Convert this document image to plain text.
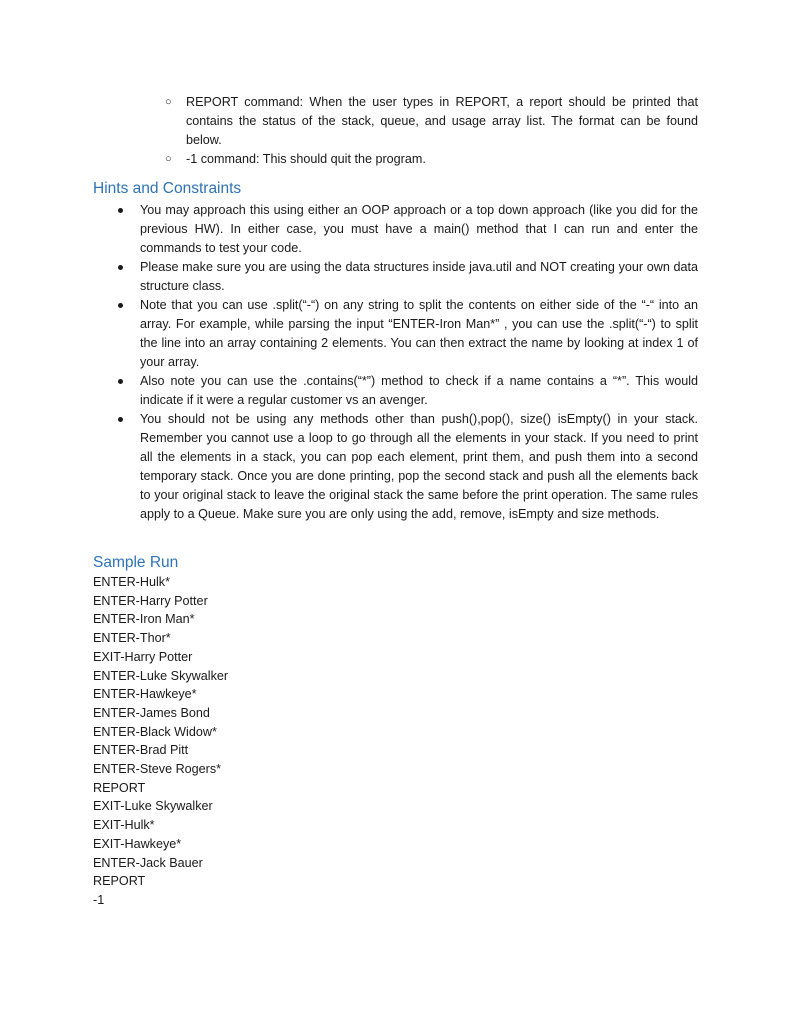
○ REPORT command: When the user types in REPORT, a report should be printed that contains the status of the stack, queue, and usage array list. The format can be found below.
○ -1 command: This should quit the program.
Hints and Constraints
You may approach this using either an OOP approach or a top down approach (like you did for the previous HW). In either case, you must have a main() method that I can run and enter the commands to test your code.
Please make sure you are using the data structures inside java.util and NOT creating your own data structure class.
Note that you can use .split(“-“) on any string to split the contents on either side of the “-“ into an array. For example, while parsing the input “ENTER-Iron Man*” , you can use the .split(“-“) to split the line into an array containing 2 elements. You can then extract the name by looking at index 1 of your array.
Also note you can use the .contains(“*”) method to check if a name contains a “*”. This would indicate if it were a regular customer vs an avenger.
You should not be using any methods other than push(),pop(), size() isEmpty() in your stack. Remember you cannot use a loop to go through all the elements in your stack. If you need to print all the elements in a stack, you can pop each element, print them, and push them into a second temporary stack. Once you are done printing, pop the second stack and push all the elements back to your original stack to leave the original stack the same before the print operation. The same rules apply to a Queue. Make sure you are only using the add, remove, isEmpty and size methods.
Sample Run
ENTER-Hulk*
ENTER-Harry Potter
ENTER-Iron Man*
ENTER-Thor*
EXIT-Harry Potter
ENTER-Luke Skywalker
ENTER-Hawkeye*
ENTER-James Bond
ENTER-Black Widow*
ENTER-Brad Pitt
ENTER-Steve Rogers*
REPORT
EXIT-Luke Skywalker
EXIT-Hulk*
EXIT-Hawkeye*
ENTER-Jack Bauer
REPORT
-1
